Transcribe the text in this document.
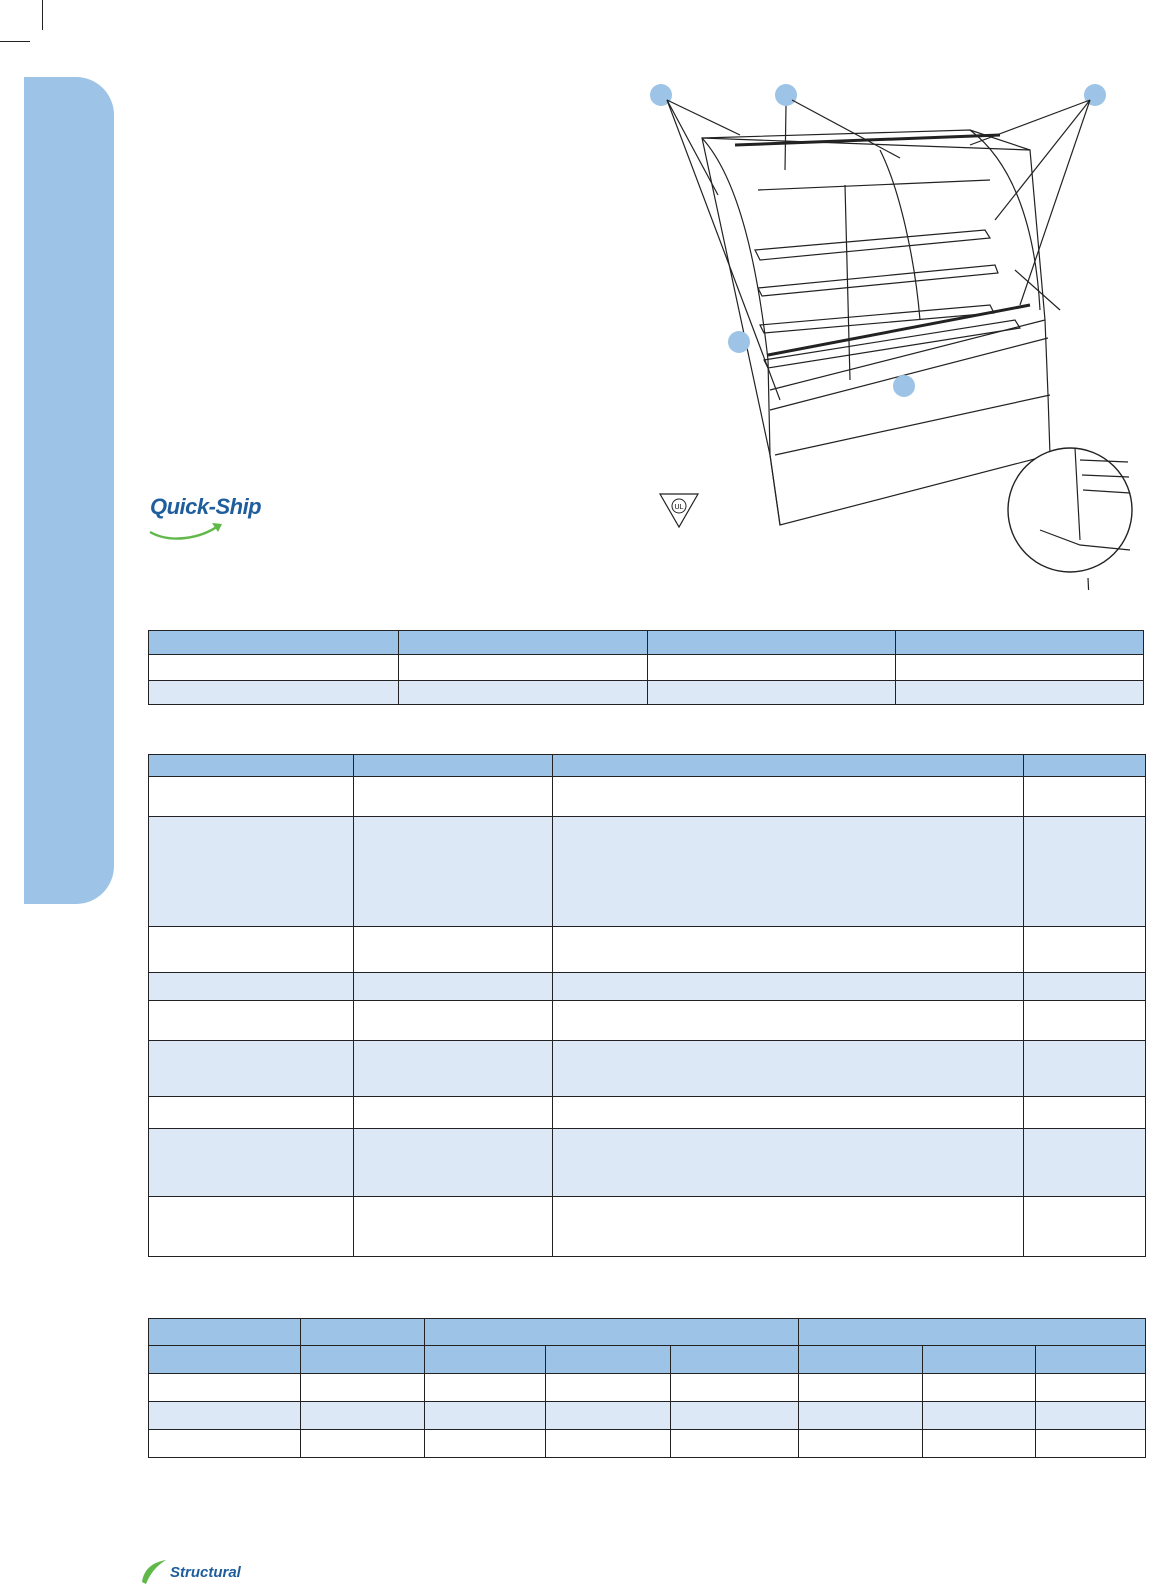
Quick-Ship	UL

Structural
